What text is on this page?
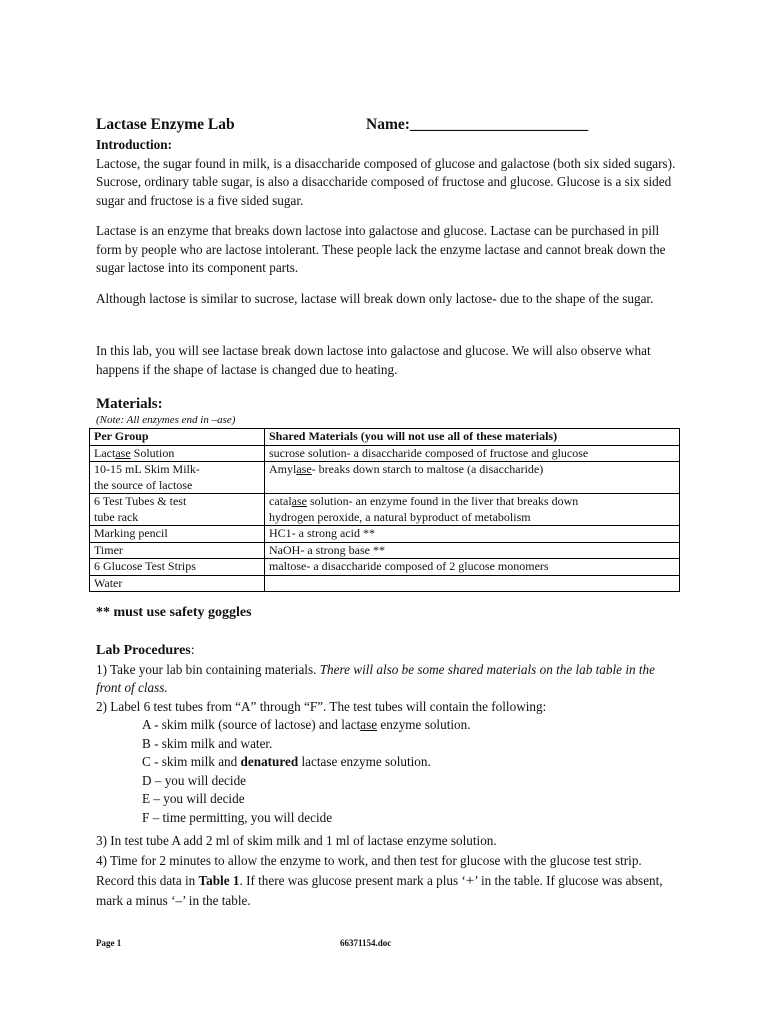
Lactase Enzyme Lab	Name:_______________________

Introduction:

Lactose, the sugar found in milk, is a disaccharide composed of glucose and galactose (both six sided sugars). Sucrose, ordinary table sugar, is also a disaccharide composed of fructose and glucose. Glucose is a six sided sugar and fructose is a five sided sugar.

Lactase is an enzyme that breaks down lactose into galactose and glucose. Lactase can be purchased in pill form by people who are lactose intolerant. These people lack the enzyme lactase and cannot break down the sugar lactose into its component parts.

Although lactose is similar to sucrose, lactase will break down only lactose- due to the shape of the sugar.

In this lab, you will see lactase break down lactose into galactose and glucose. We will also observe what happens if the shape of lactase is changed due to heating.

Materials:

(Note: All enzymes end in –ase)

Per Group	Shared Materials (you will not use all of these materials)
Lactase Solution	sucrose solution- a disaccharide composed of fructose and glucose
10-15 mL Skim Milk-
the source of lactose	Amylase- breaks down starch to maltose (a disaccharide)
6 Test Tubes & test
tube rack	catalase solution- an enzyme found in the liver that breaks down
hydrogen peroxide, a natural byproduct of metabolism
Marking pencil	HC1- a strong acid **
Timer	NaOH- a strong base **
6 Glucose Test Strips	maltose- a disaccharide composed of 2 glucose monomers
Water	

** must use safety goggles

Lab Procedures:

1) Take your lab bin containing materials. There will also be some shared materials on the lab table in the front of class.

2) Label 6 test tubes from “A” through “F”. The test tubes will contain the following:

A - skim milk (source of lactose) and lactase enzyme solution.

B - skim milk and water.

C - skim milk and denatured lactase enzyme solution.

D – you will decide

E – you will decide

F – time permitting, you will decide

3) In test tube A add 2 ml of skim milk and 1 ml of lactase enzyme solution.

4) Time for 2 minutes to allow the enzyme to work, and then test for glucose with the glucose test strip. Record this data in Table 1. If there was glucose present mark a plus ‘+’ in the table. If glucose was absent, mark a minus ‘–’ in the table.

Page 1	66371154.doc
